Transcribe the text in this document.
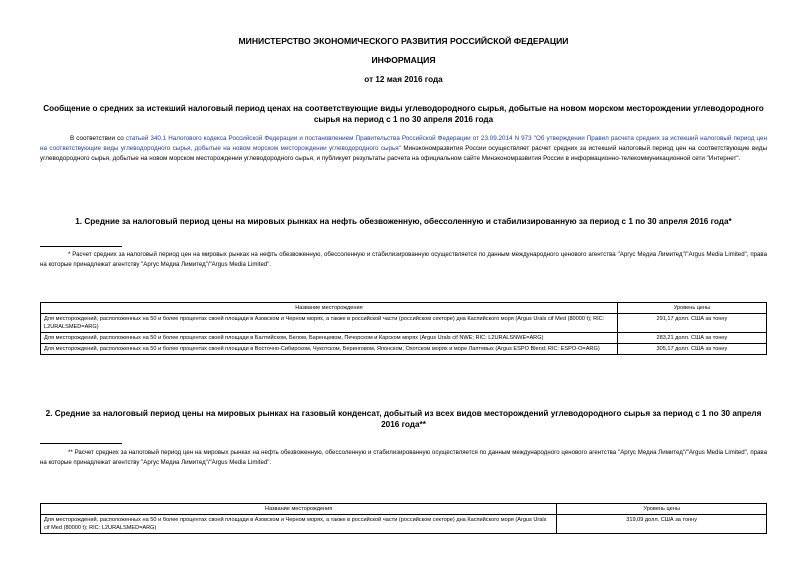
МИНИСТЕРСТВО ЭКОНОМИЧЕСКОГО РАЗВИТИЯ РОССИЙСКОЙ ФЕДЕРАЦИИ
ИНФОРМАЦИЯ
от 12 мая 2016 года
Сообщение о средних за истекший налоговый период ценах на соответствующие виды углеводородного сырья, добытые на новом морском месторождении углеводородного сырья на период с 1 по 30 апреля 2016 года
В соответствии со статьей 340.1 Налогового кодекса Российской Федерации и постановлением Правительства Российской Федерации от 23.09.2014 N 973 "Об утверждении Правил расчета средних за истекший налоговый период цен на соответствующие виды углеводородного сырья, добытые на новом морском месторождении углеводородного сырья" Минэкономразвития России осуществляет расчет средних за истекший налоговый период цен на соответствующие виды углеводородного сырья, добытые на новом морском месторождении углеводородного сырья, и публикует результаты расчета на официальном сайте Минэкономразвития России в информационно-телекоммуникационной сети "Интернет".
1. Средние за налоговый период цены на мировых рынках на нефть обезвоженную, обессоленную и стабилизированную за период с 1 по 30 апреля 2016 года*
* Расчет средних за налоговый период цен на мировых рынках на нефть обезвоженную, обессоленную и стабилизированную осуществляется по данным международного ценового агентства "Аргус Медиа Лимитед"/"Argus Media Limited", права на которые принадлежат агентству "Аргус Медиа Лимитед"/"Argus Media Limited".
Название месторождения	Уровень цены
Для месторождений, расположенных на 50 и более процентах своей площади в Азовском и Черном морях, а также в российской части (российском секторе) дна Каспийского моря (Argus Urals cif Med (80000 t); RIC: L2URALSMED=ARG)	291,17 долл. США за тонну
Для месторождений, расположенных на 50 и более процентах своей площади в Балтийском, Белом, Баренцевом, Печорском и Карском морях (Argus Urals cif NWE; RIC: L2URALSNWE=ARG)	283,21 долл. США за тонну
Для месторождений, расположенных на 50 и более процентах своей площади в Восточно-Сибирском, Чукотском, Беринговом, Японском, Охотском морях и море Лаптевых (Argus ESPO Blend; RIC: ESPO-O=ARG)	305,17 долл. США за тонну
2. Средние за налоговый период цены на мировых рынках на газовый конденсат, добытый из всех видов месторождений углеводородного сырья за период с 1 по 30 апреля 2016 года**
** Расчет средних за налоговый период цен на мировых рынках на нефть обезвоженную, обессоленную и стабилизированную осуществляется по данным международного ценового агентства "Аргус Медиа Лимитед"/"Argus Media Limited", права на которые принадлежат агентству "Аргус Медиа Лимитед"/"Argus Media Limited".
Название месторождения	Уровень цены
Для месторождений, расположенных на 50 и более процентах своей площади в Азовском и Черном морях, а также в российской части (российском секторе) дна Каспийского моря (Argus Urals cif Med (80000 t); RIC: L2URALSMED=ARG)	319,09 долл. США за тонну
